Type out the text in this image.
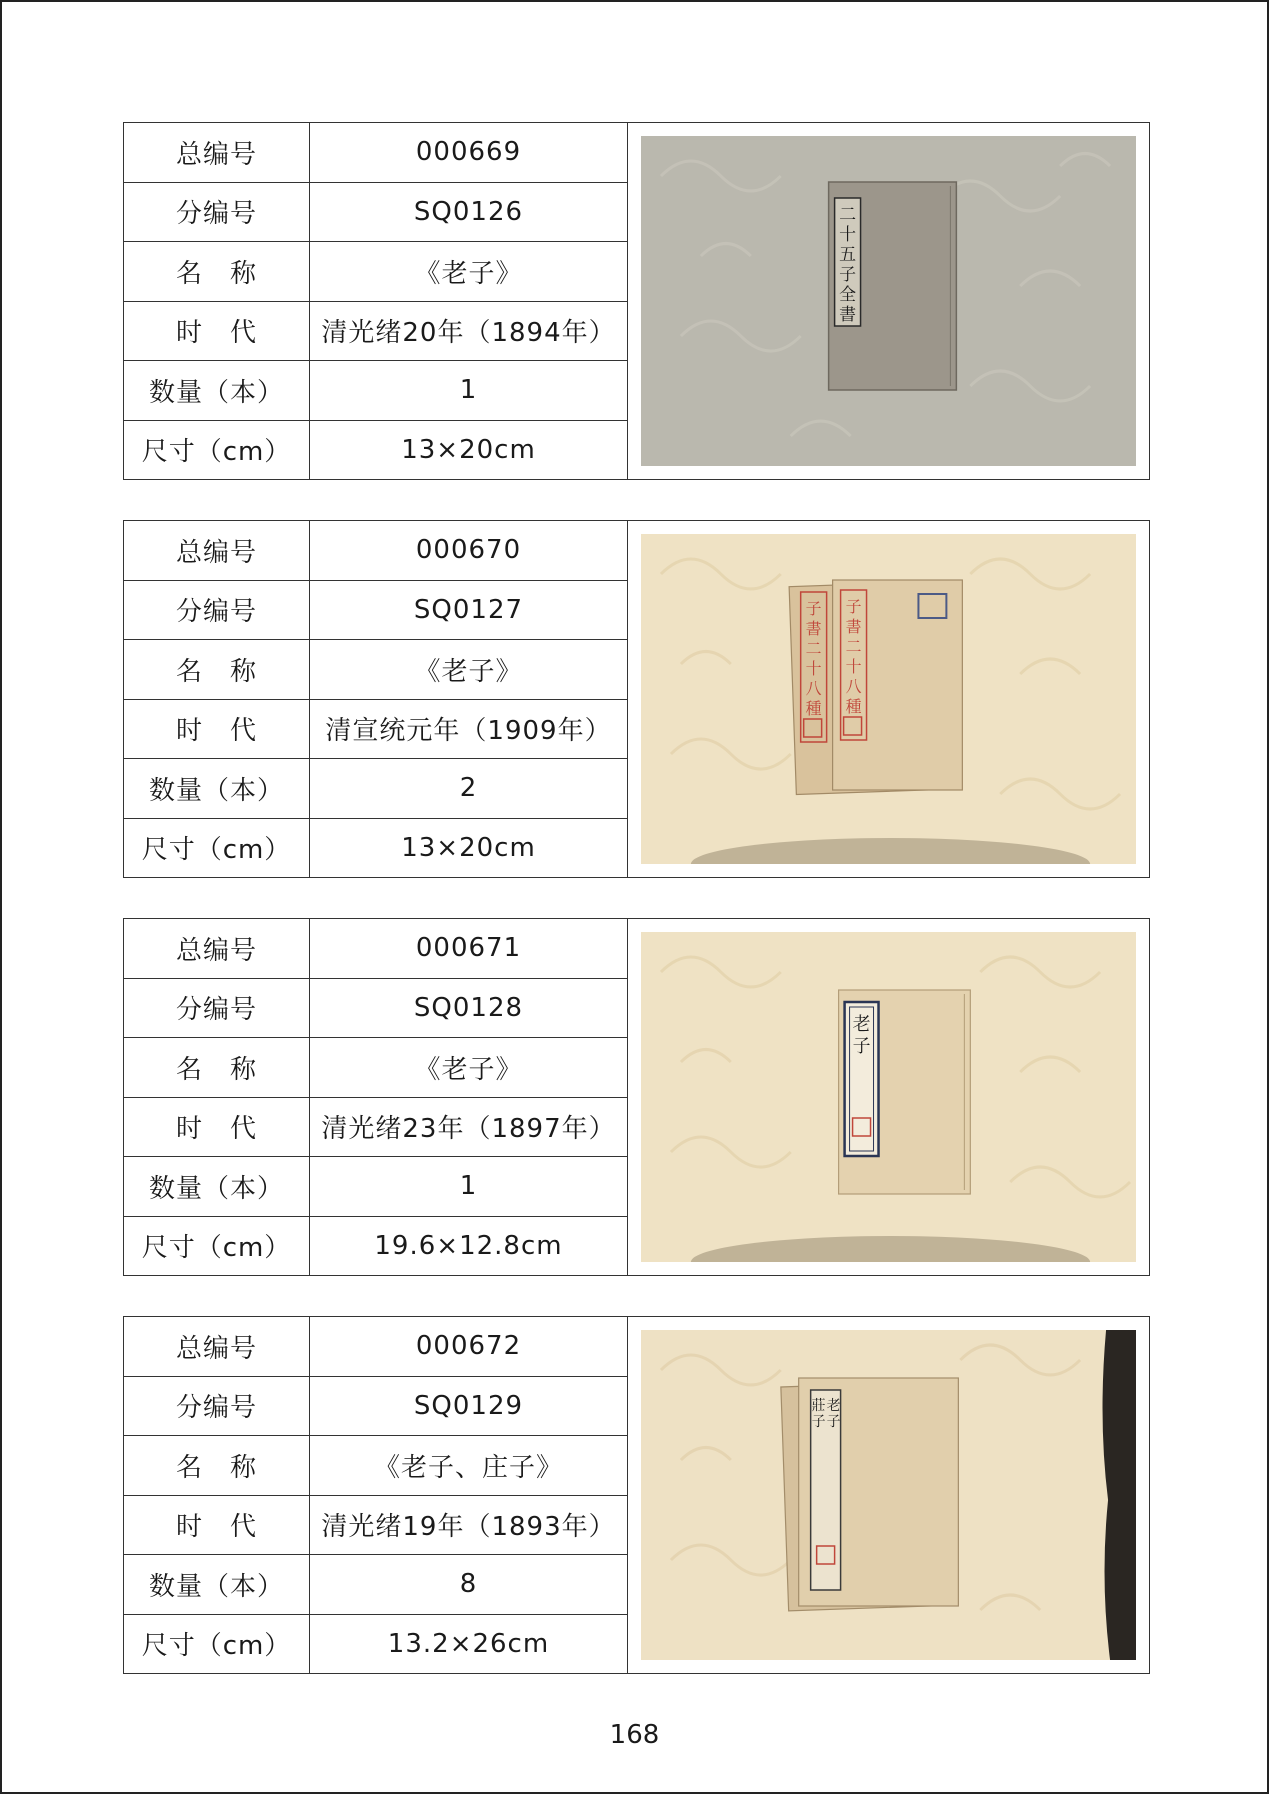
总编号	000669
分编号	SQ0126
名　称	《老子》
时　代	清光绪20年（1894年）
数量（本）	1
尺寸（cm）	13×20cm
二
十
五
子
全
書
总编号	000670
分编号	SQ0127
名　称	《老子》
时　代	清宣统元年（1909年）
数量（本）	2
尺寸（cm）	13×20cm
子
書
二
十
八
種
子
書
二
十
八
種
总编号	000671
分编号	SQ0128
名　称	《老子》
时　代	清光绪23年（1897年）
数量（本）	1
尺寸（cm）	19.6×12.8cm
老
子
总编号	000672
分编号	SQ0129
名　称	《老子、庄子》
时　代	清光绪19年（1893年）
数量（本）	8
尺寸（cm）	13.2×26cm
老
子
莊
子
168
